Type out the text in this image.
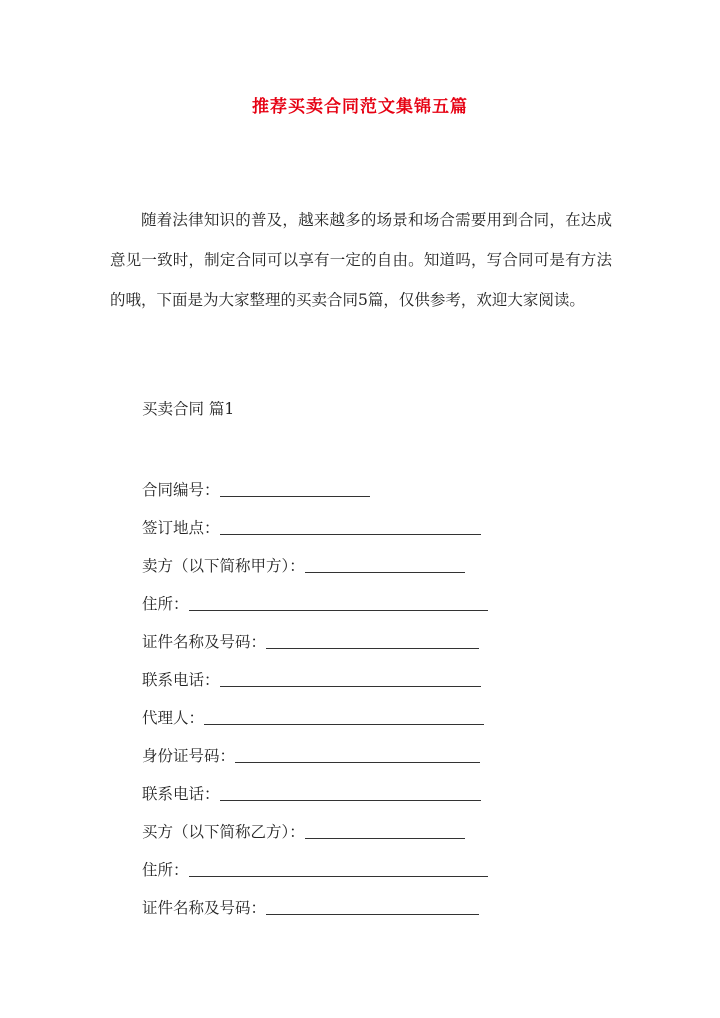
推荐买卖合同范文集锦五篇

随着法律知识的普及，越来越多的场景和场合需要用到合同，在达成意见一致时，制定合同可以享有一定的自由。知道吗，写合同可是有方法的哦，下面是为大家整理的买卖合同5篇，仅供参考，欢迎大家阅读。

买卖合同 篇1
合同编号：
签订地点：
卖方（以下简称甲方）：
住所：
证件名称及号码：
联系电话：
代理人：
身份证号码：
联系电话：
买方（以下简称乙方）：
住所：
证件名称及号码：
